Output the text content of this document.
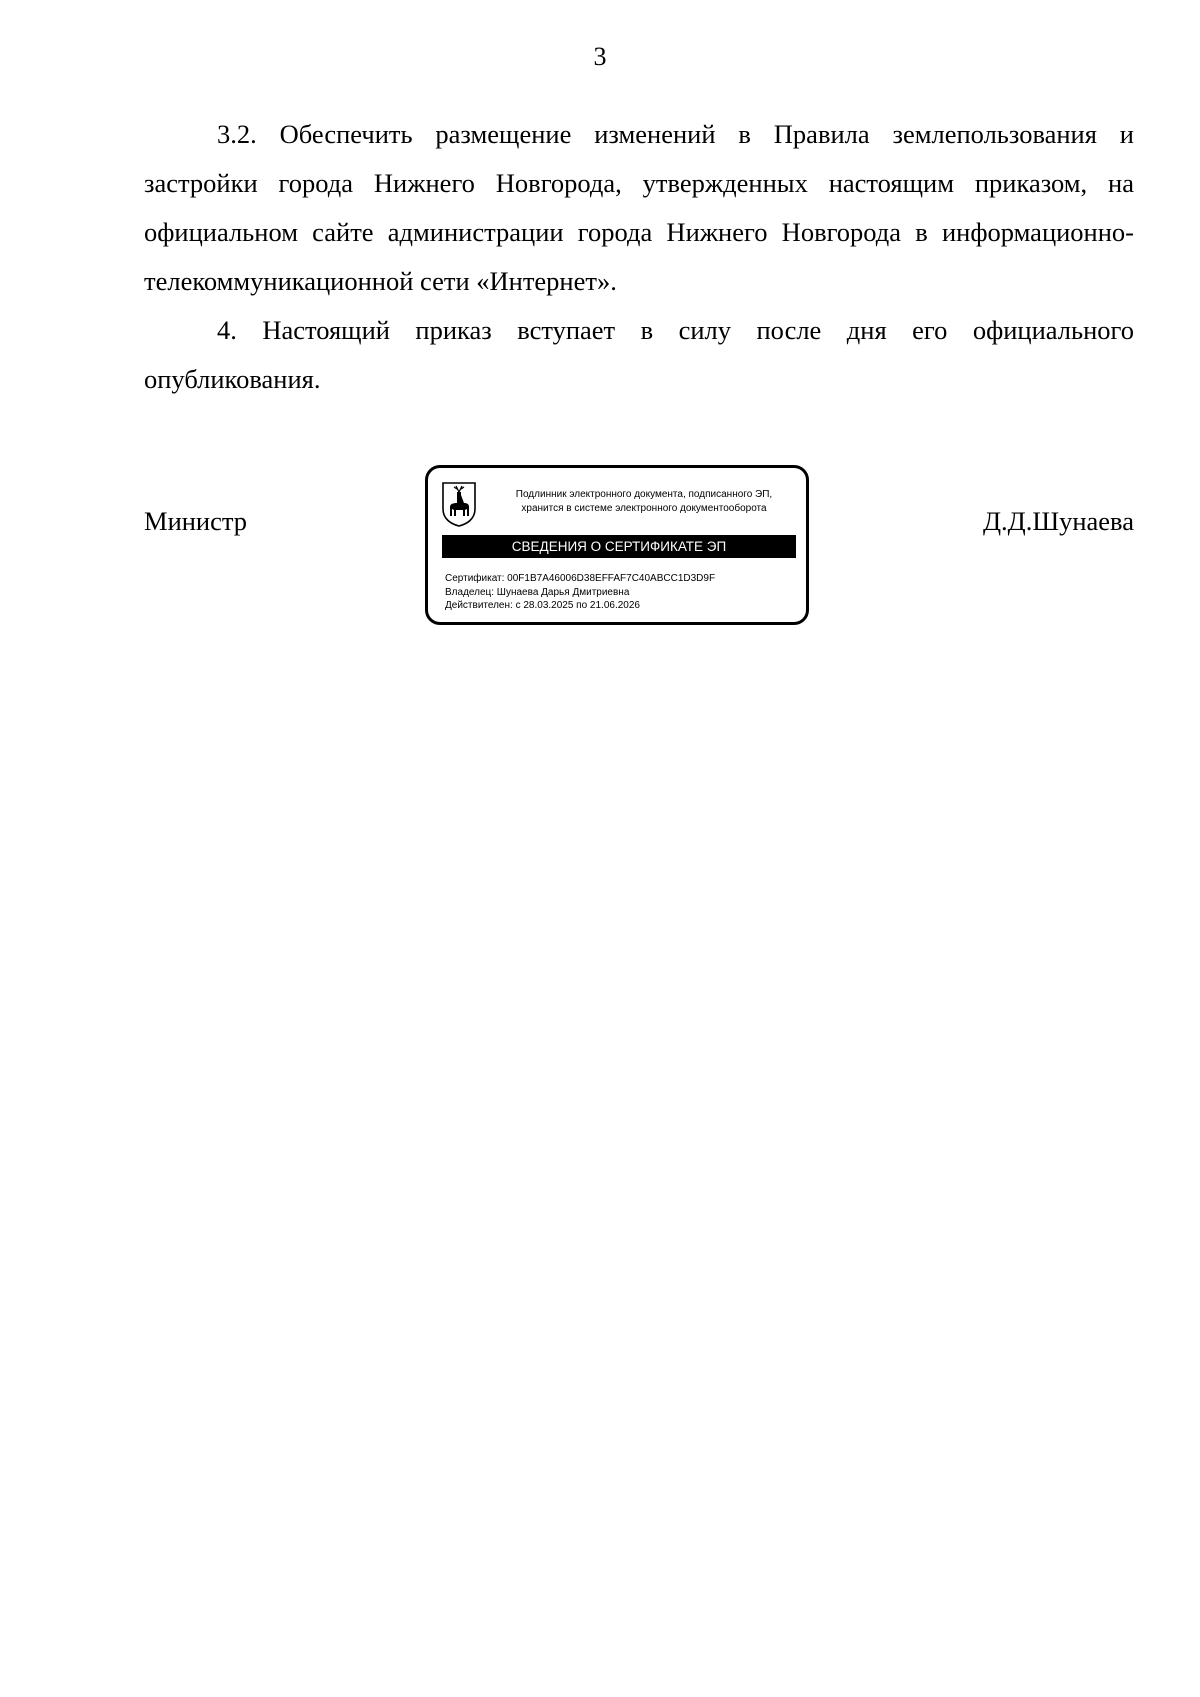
3

3.2. Обеспечить размещение изменений в Правила землепользования и застройки города Нижнего Новгорода, утвержденных настоящим приказом, на официальном сайте администрации города Нижнего Новгорода в информационно-телекоммуникационной сети «Интернет».

4. Настоящий приказ вступает в силу после дня его официального опубликования.

Министр	Д.Д.Шунаева
Подлинник электронного документа, подписанного ЭП,
хранится в системе электронного документооборота
СВЕДЕНИЯ О СЕРТИФИКАТЕ ЭП
Сертификат: 00F1B7A46006D38EFFAF7C40ABCC1D3D9F
Владелец: Шунаева Дарья Дмитриевна
Действителен: с 28.03.2025 по 21.06.2026
